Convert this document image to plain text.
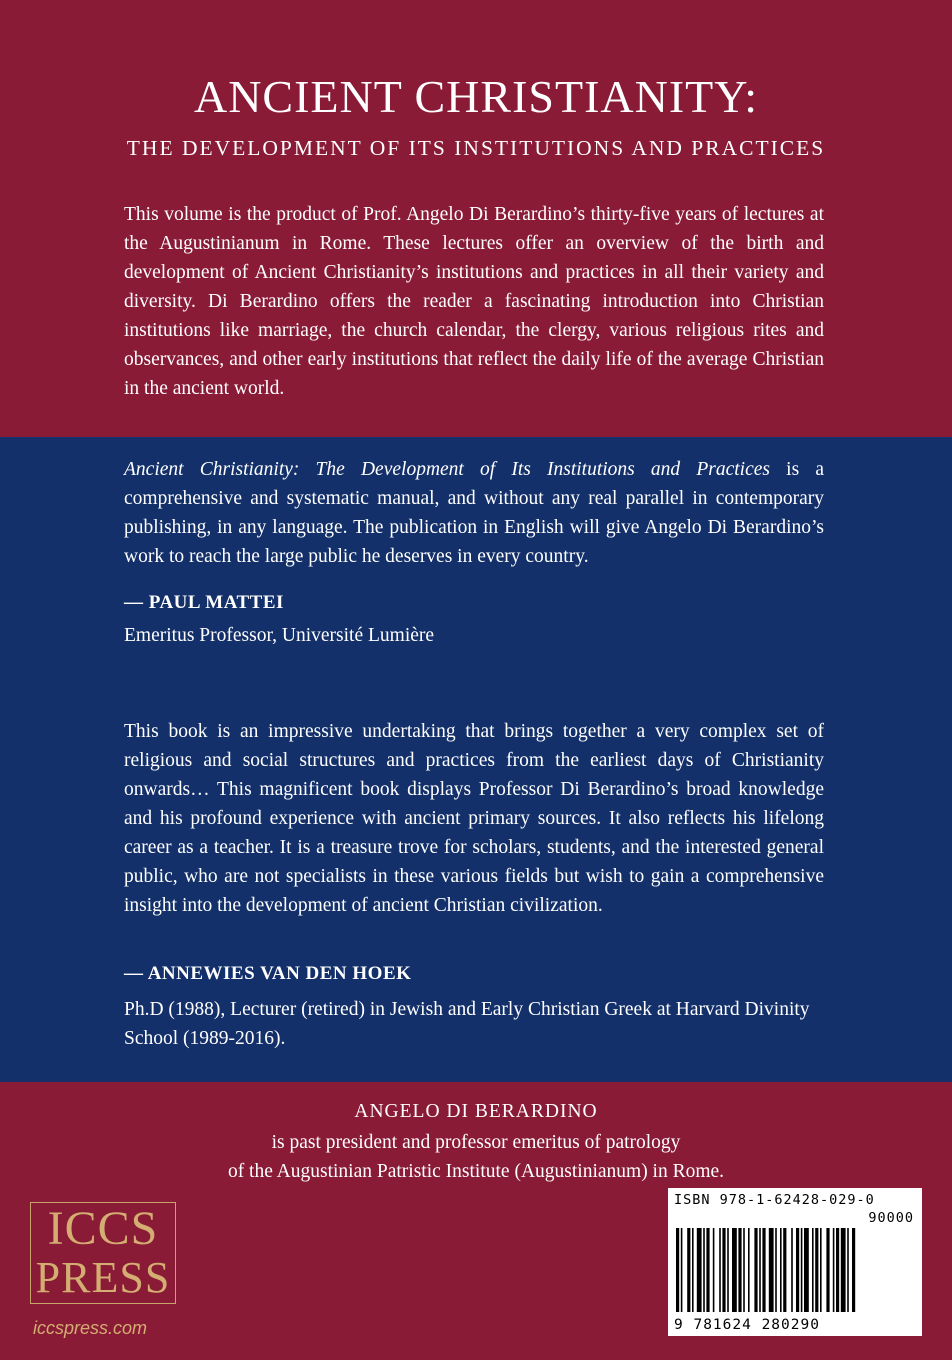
ANCIENT CHRISTIANITY:
THE DEVELOPMENT OF ITS INSTITUTIONS AND PRACTICES

This volume is the product of Prof. Angelo Di Berardino’s thirty-five years of lectures at the Augustinianum in Rome. These lectures offer an overview of the birth and development of Ancient Christianity’s institutions and practices in all their variety and diversity. Di Berardino offers the reader a fascinating introduction into Christian institutions like marriage, the church calendar, the clergy, various religious rites and observances, and other early institutions that reflect the daily life of the average Christian in the ancient world.

Ancient Christianity: The Development of Its Institutions and Practices is a comprehensive and systematic manual, and without any real parallel in contemporary publishing, in any language. The publication in English will give Angelo Di Berardino’s work to reach the large public he deserves in every country.

— PAUL MATTEI
Emeritus Professor, Université Lumière

This book is an impressive undertaking that brings together a very complex set of religious and social structures and practices from the earliest days of Christianity onwards… This magnificent book displays Professor Di Berardino’s broad knowledge and his profound experience with ancient primary sources. It also reflects his lifelong career as a teacher. It is a treasure trove for scholars, students, and the interested general public, who are not specialists in these various fields but wish to gain a comprehensive insight into the development of ancient Christian civilization.

— ANNEWIES VAN DEN HOEK
Ph.D (1988), Lecturer (retired) in Jewish and Early Christian Greek at Harvard Divinity School (1989-2016).
ANGELO DI BERARDINO
is past president and professor emeritus of patrology
of the Augustinian Patristic Institute (Augustinianum) in Rome.
ICCS
PRESS
iccspress.com
ISBN 978-1-62428-029-0
90000
9 781624 280290
